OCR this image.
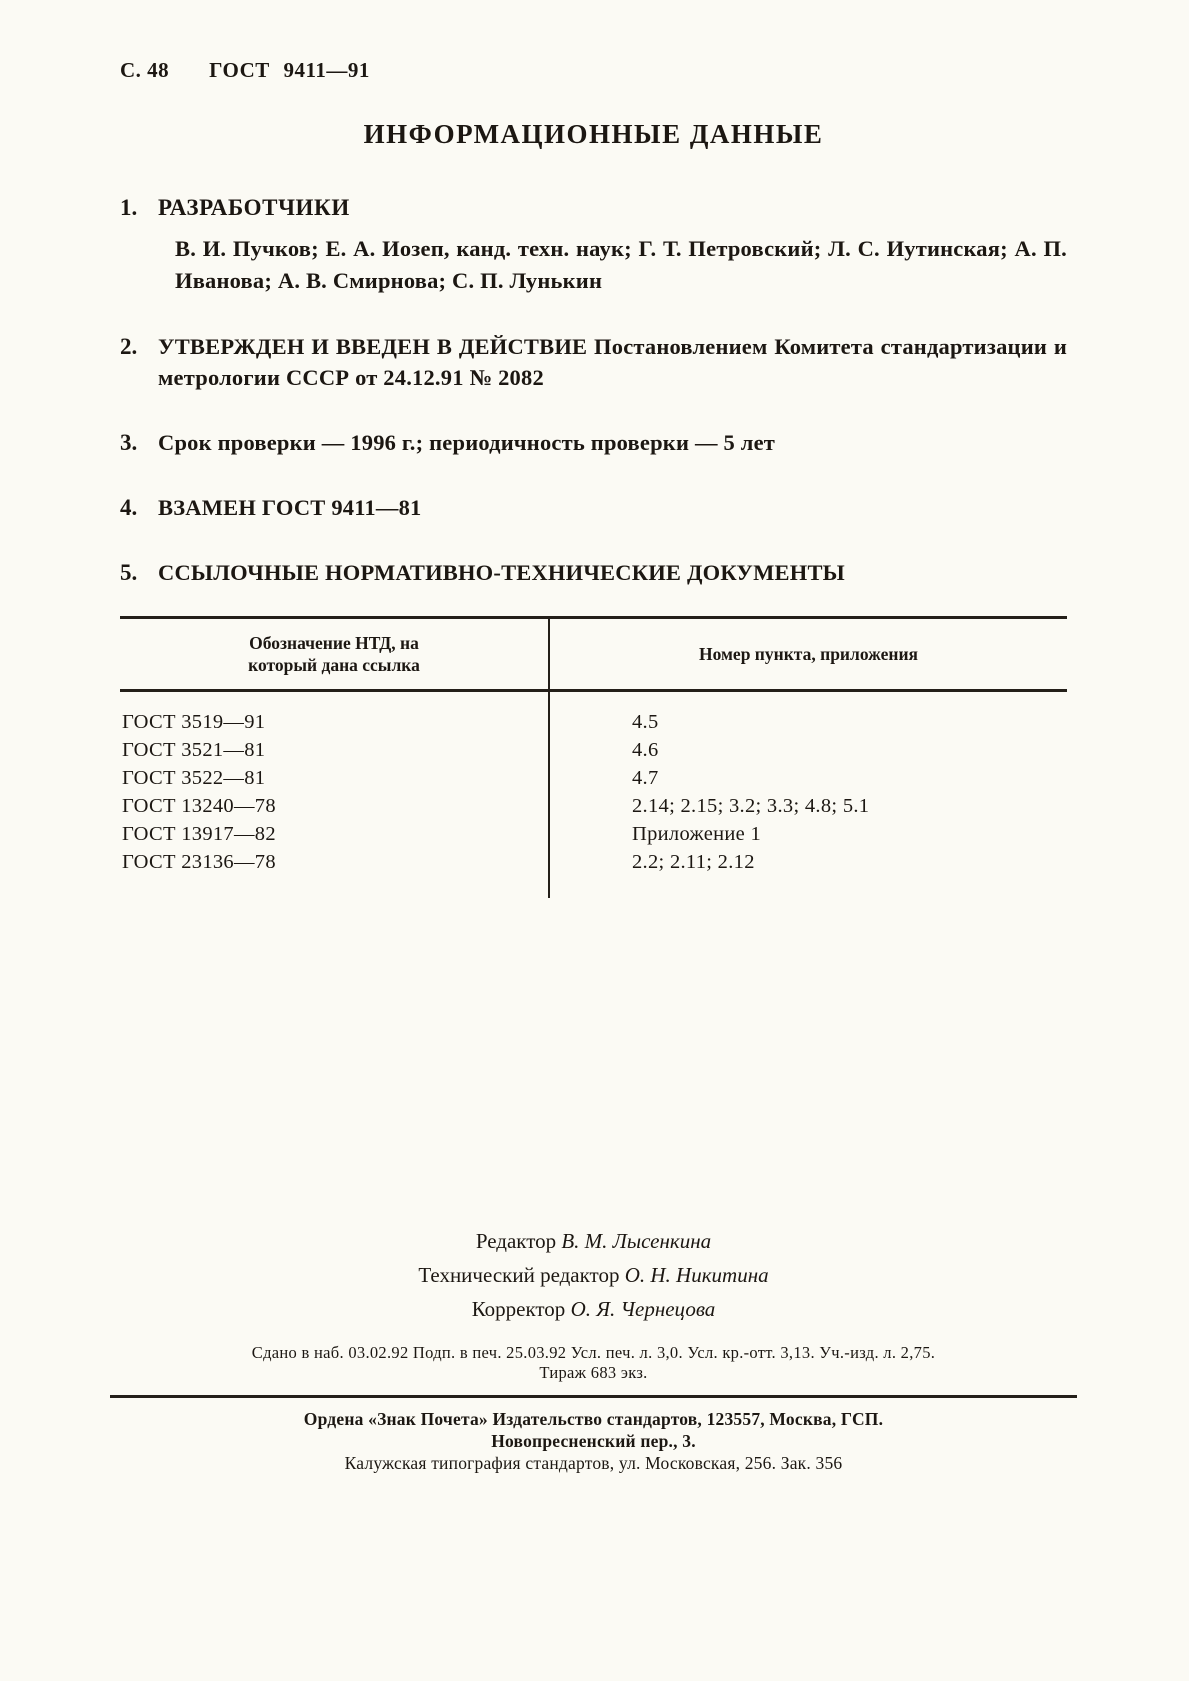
С. 48 ГОСТ 9411—91
ИНФОРМАЦИОННЫЕ ДАННЫЕ
1. РАЗРАБОТЧИКИ

В. И. Пучков; Е. А. Иозеп, канд. техн. наук; Г. Т. Петровский; Л. С. Иутинская; А. П. Иванова; А. В. Смирнова; С. П. Лунькин

2. УТВЕРЖДЕН И ВВЕДЕН В ДЕЙСТВИЕ Постановлением Комитета стандартизации и метрологии СССР от 24.12.91 № 2082
3. Срок проверки — 1996 г.; периодичность проверки — 5 лет
4. ВЗАМЕН ГОСТ 9411—81
5. ССЫЛОЧНЫЕ НОРМАТИВНО-ТЕХНИЧЕСКИЕ ДОКУМЕНТЫ
Обозначение НТД, на который дана ссылка
Номер пункта, приложения
ГОСТ 3519—91
ГОСТ 3521—81
ГОСТ 3522—81
ГОСТ 13240—78
ГОСТ 13917—82
ГОСТ 23136—78
4.5
4.6
4.7
2.14; 2.15; 3.2; 3.3; 4.8; 5.1
Приложение 1
2.2; 2.11; 2.12
Редактор В. М. Лысенкина
Технический редактор О. Н. Никитина
Корректор О. Я. Чернецова
Сдано в наб. 03.02.92 Подп. в печ. 25.03.92 Усл. печ. л. 3,0. Усл. кр.-отт. 3,13. Уч.-изд. л. 2,75.
Тираж 683 экз.
Ордена «Знак Почета» Издательство стандартов, 123557, Москва, ГСП.
Новопресненский пер., 3.
Калужская типография стандартов, ул. Московская, 256. Зак. 356
